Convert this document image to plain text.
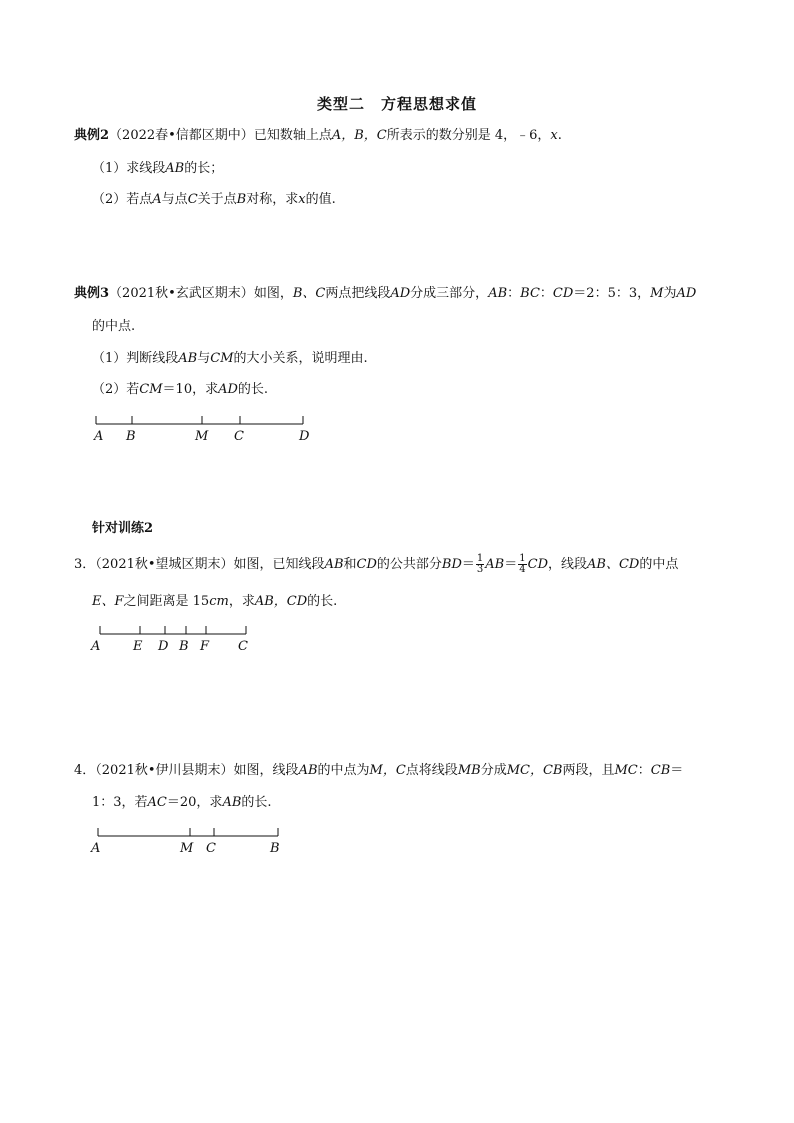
类型二　方程思想求值
典例2（2022春•信都区期中）已知数轴上点A，B，C所表示的数分别是 4，﹣6，x.
（1）求线段AB的长；
（2）若点A与点C关于点B对称，求x的值.
典例3（2021秋•玄武区期末）如图，B、C两点把线段AD分成三部分，AB：BC：CD＝2：5：3，M为AD
的中点.
（1）判断线段AB与CM的大小关系，说明理由.
（2）若CM＝10，求AD的长.
A B	M C	D
针对训练2
3．（2021秋•望城区期末）如图，已知线段AB和CD的公共部分$BD= \frac{1}{3} AB= \frac{1}{4}$ CD，线段AB、CD的中点
E、F之间距离是 15cm，求AB，CD的长.
A	E D B F C
4．（2021秋•伊川县期末）如图，线段AB的中点为M，C点将线段MB分成MC，CB两段，且MC：CB＝
1：3，若AC＝20，求AB的长.
A	M C	B
